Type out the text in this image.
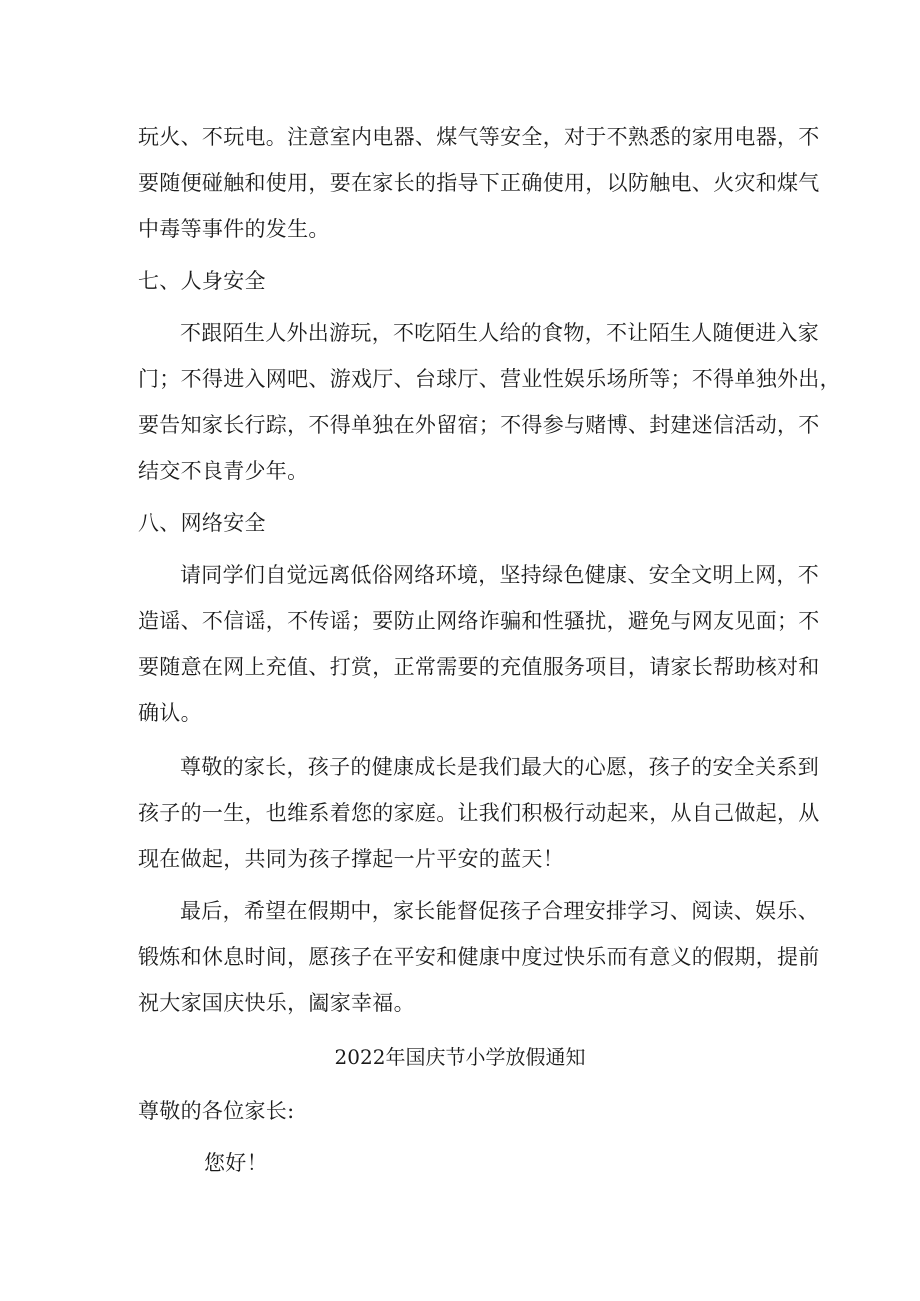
玩火、不玩电。注意室内电器、煤气等安全，对于不熟悉的家用电器，不
要随便碰触和使用，要在家长的指导下正确使用，以防触电、火灾和煤气
中毒等事件的发生。
七、人身安全
不跟陌生人外出游玩，不吃陌生人给的食物，不让陌生人随便进入家
门；不得进入网吧、游戏厅、台球厅、营业性娱乐场所等；不得单独外出，
要告知家长行踪，不得单独在外留宿；不得参与赌博、封建迷信活动，不
结交不良青少年。
八、网络安全
请同学们自觉远离低俗网络环境，坚持绿色健康、安全文明上网，不
造谣、不信谣，不传谣；要防止网络诈骗和性骚扰，避免与网友见面；不
要随意在网上充值、打赏，正常需要的充值服务项目，请家长帮助核对和
确认。
尊敬的家长，孩子的健康成长是我们最大的心愿，孩子的安全关系到
孩子的一生，也维系着您的家庭。让我们积极行动起来，从自己做起，从
现在做起，共同为孩子撑起一片平安的蓝天！
最后，希望在假期中，家长能督促孩子合理安排学习、阅读、娱乐、
锻炼和休息时间，愿孩子在平安和健康中度过快乐而有意义的假期，提前
祝大家国庆快乐，阖家幸福。
2022年国庆节小学放假通知
尊敬的各位家长:
您好！
